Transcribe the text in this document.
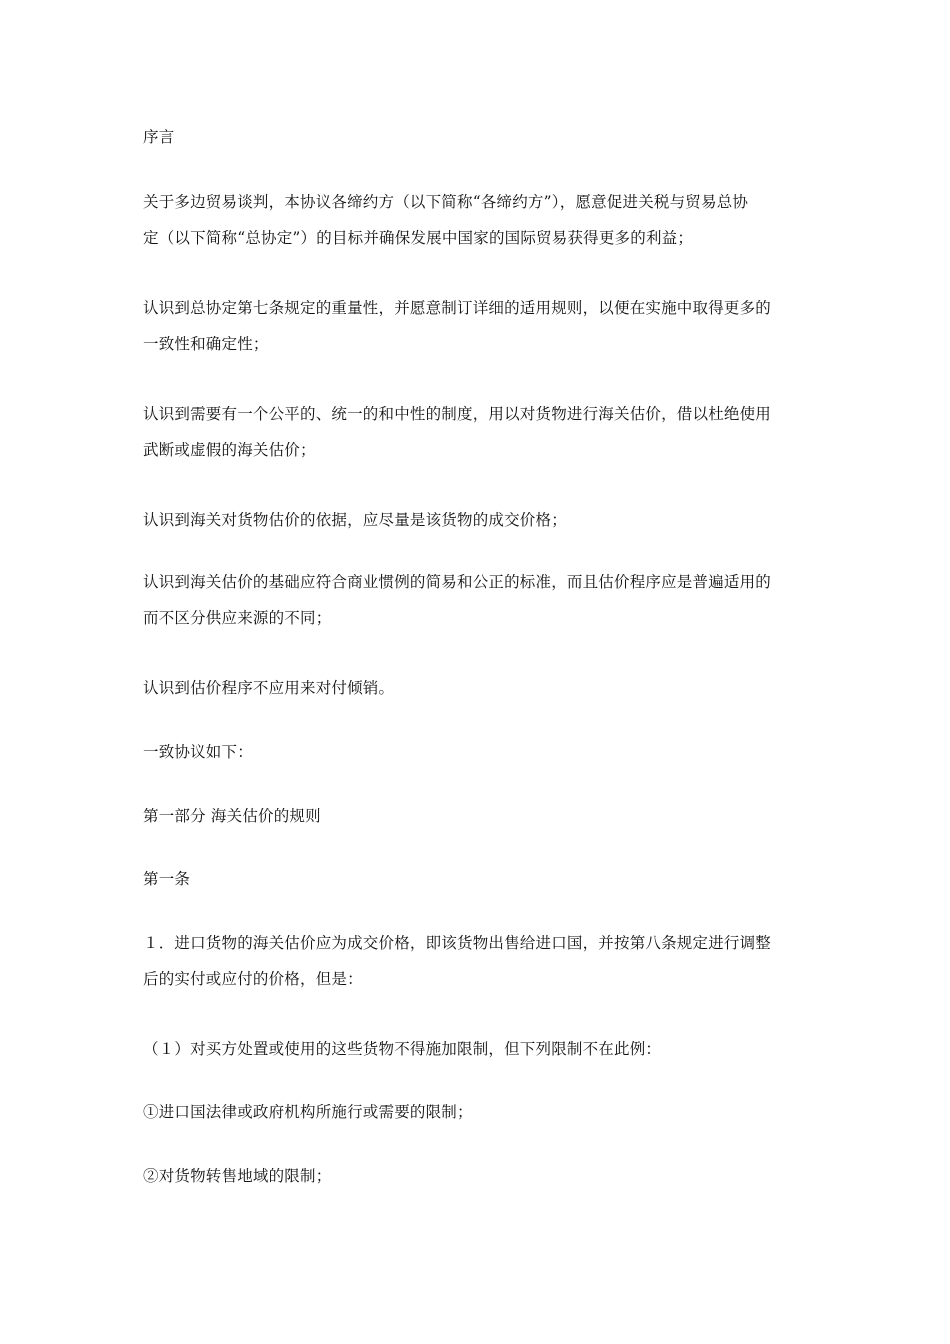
序言

关于多边贸易谈判，本协议各缔约方（以下简称“各缔约方”），愿意促进关税与贸易总协
定（以下简称“总协定”）的目标并确保发展中国家的国际贸易获得更多的利益；

认识到总协定第七条规定的重量性，并愿意制订详细的适用规则，以便在实施中取得更多的
一致性和确定性；

认识到需要有一个公平的、统一的和中性的制度，用以对货物进行海关估价，借以杜绝使用
武断或虚假的海关估价；

认识到海关对货物估价的依据，应尽量是该货物的成交价格；

认识到海关估价的基础应符合商业惯例的简易和公正的标准，而且估价程序应是普遍适用的
而不区分供应来源的不同；

认识到估价程序不应用来对付倾销。

一致协议如下：

第一部分 海关估价的规则

第一条

１．进口货物的海关估价应为成交价格，即该货物出售给进口国，并按第八条规定进行调整
后的实付或应付的价格，但是：

（１）对买方处置或使用的这些货物不得施加限制，但下列限制不在此例：

①进口国法律或政府机构所施行或需要的限制；

②对货物转售地域的限制；
